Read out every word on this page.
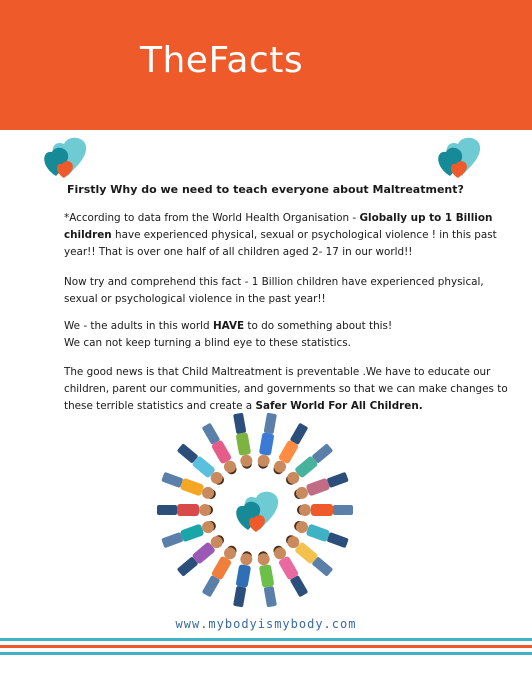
TheFacts
Firstly Why do we need to teach everyone about Maltreatment?
*According to data from the World Health Organisation - Globally up to 1 Billion children have experienced physical, sexual or psychological violence ! in this past year!! That is over one half of all children aged 2- 17 in our world!!
Now try and comprehend this fact - 1 Billion children have experienced physical, sexual or psychological violence in the past year!!
We - the adults in this world HAVE to do something about this!
We can not keep turning a blind eye to these statistics.
The good news is that Child Maltreatment is preventable .We have to educate our children, parent our communities, and governments so that we can make changes to these terrible statistics and create a Safer World For All Children.
www.mybodyismybody.com
